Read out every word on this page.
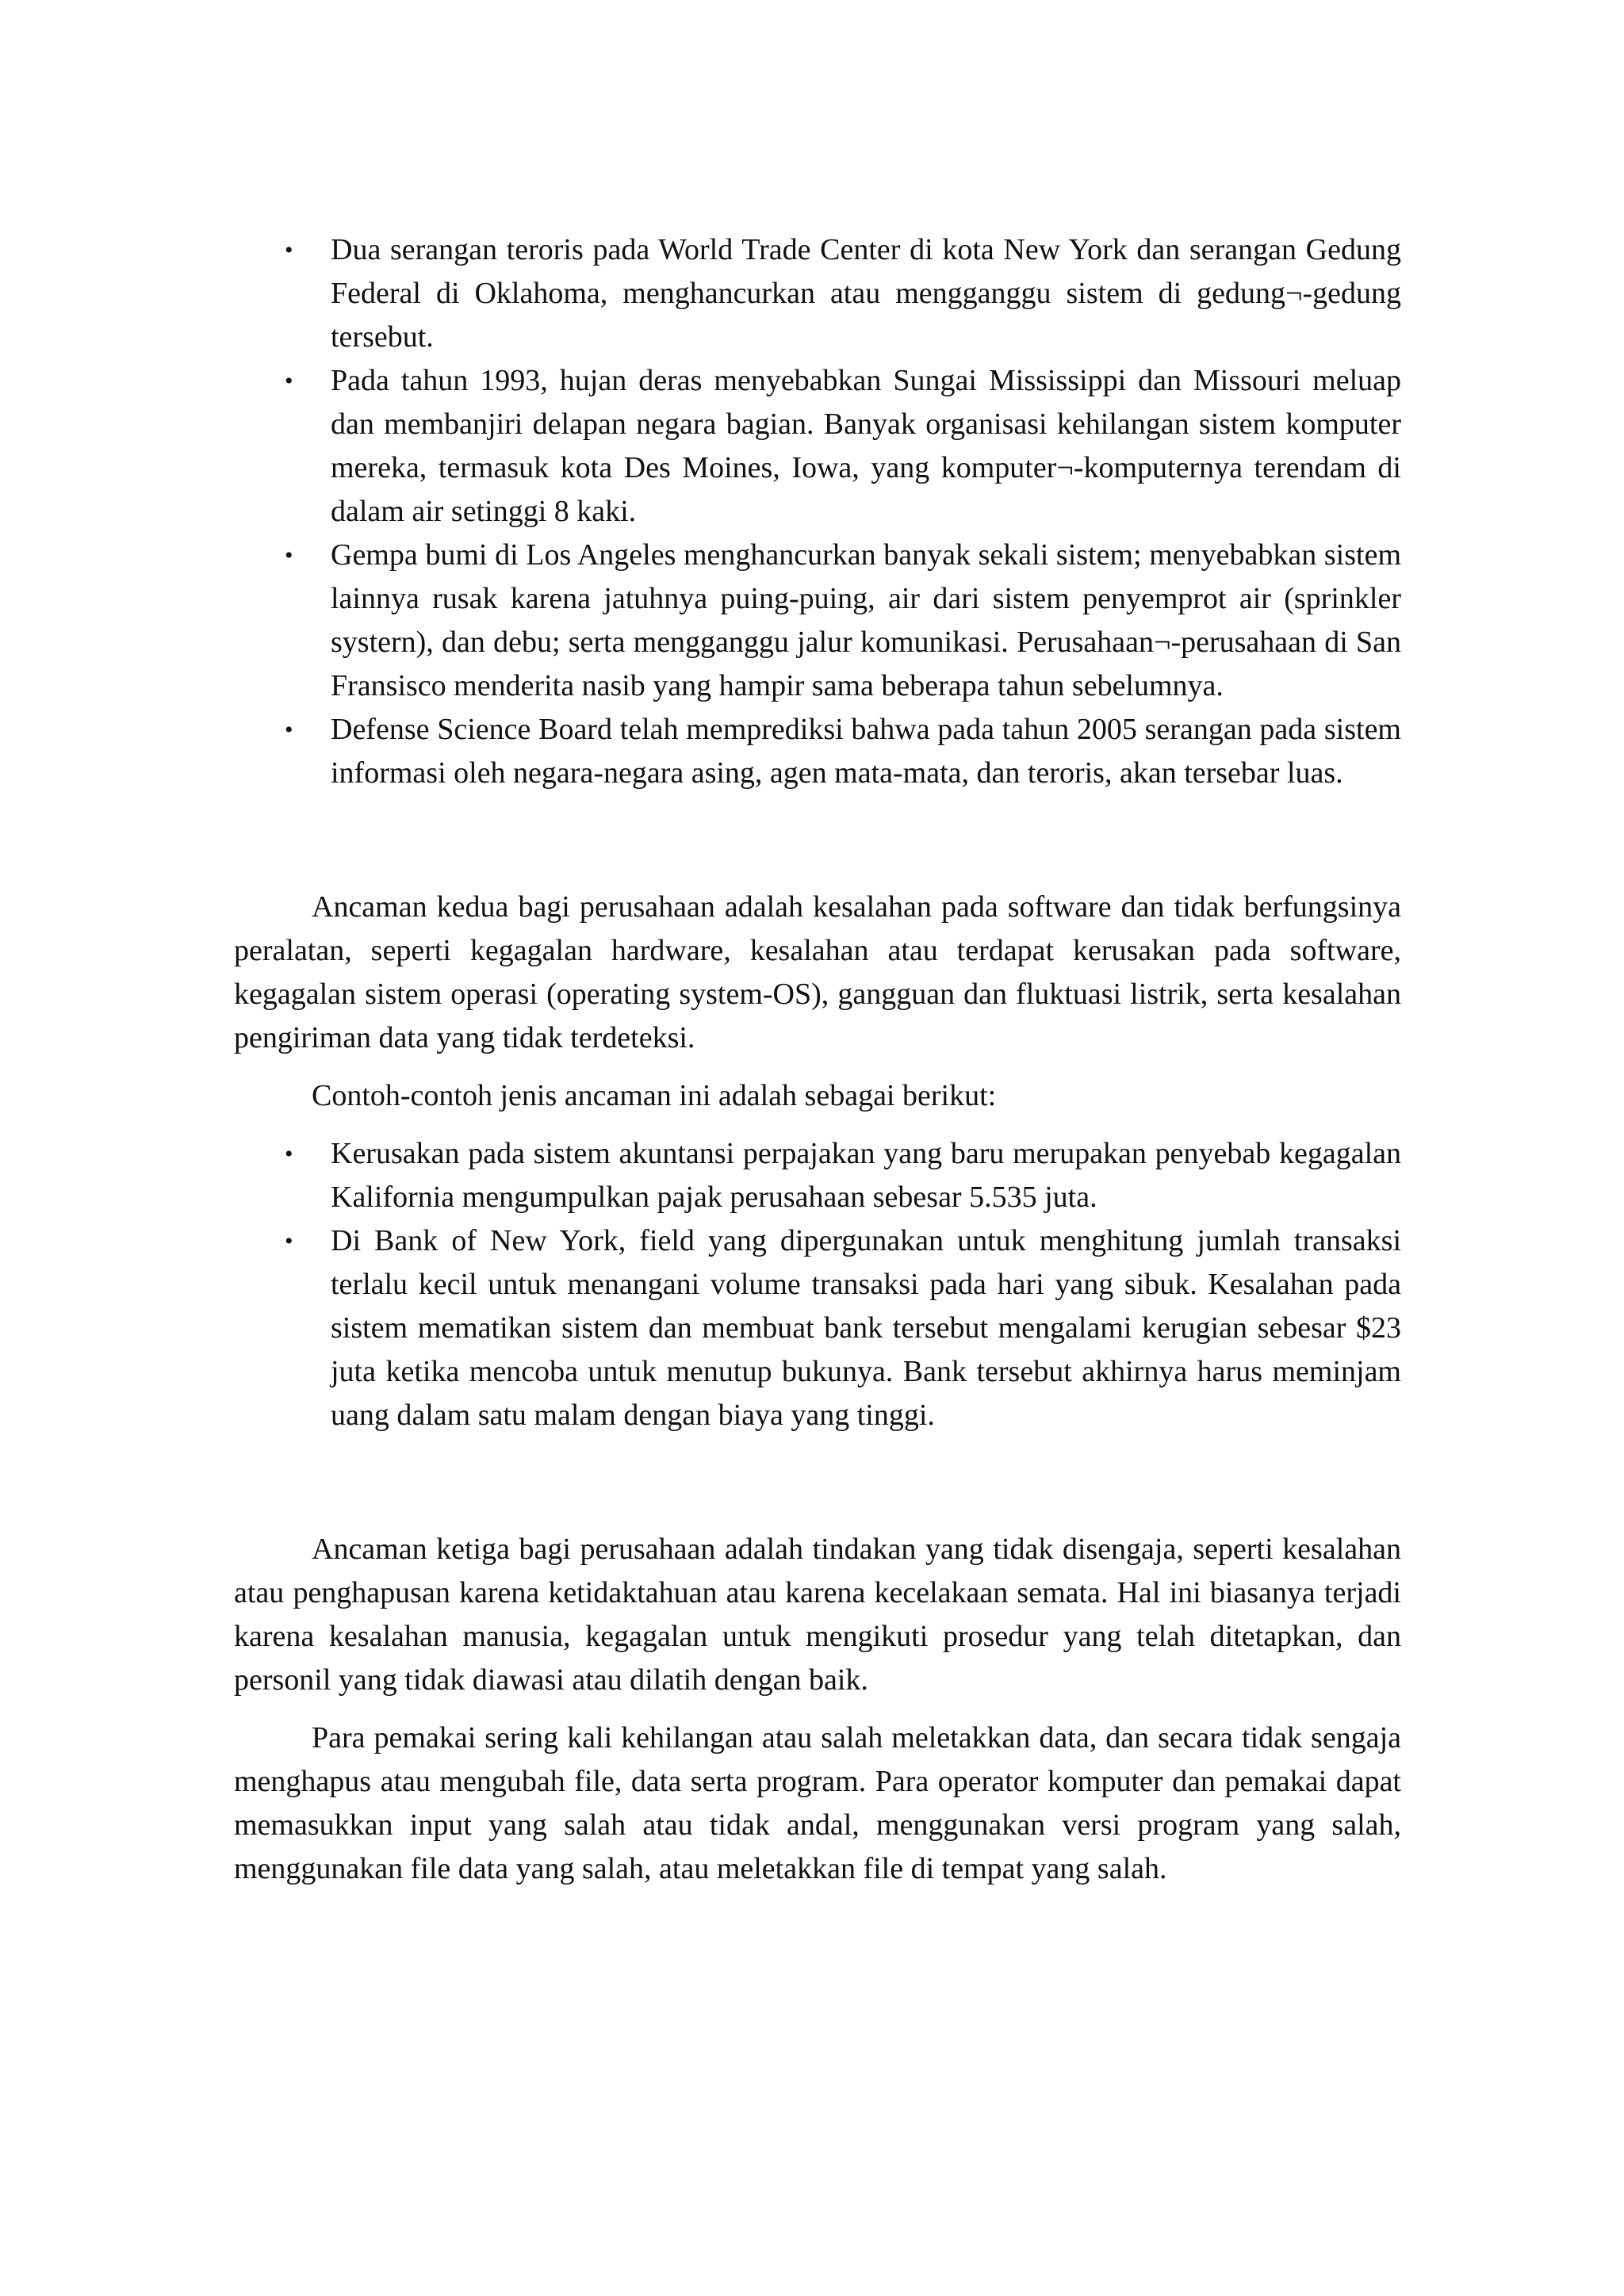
• Dua serangan teroris pada World Trade Center di kota New York dan serangan Gedung Federal di Oklahoma, menghancurkan atau mengganggu sistem di gedung¬-gedung tersebut.
• Pada tahun 1993, hujan deras menyebabkan Sungai Mississippi dan Missouri meluap dan membanjiri delapan negara bagian. Banyak organisasi kehilangan sistem komputer mereka, termasuk kota Des Moines, Iowa, yang komputer¬-komputernya terendam di dalam air setinggi 8 kaki.
• Gempa bumi di Los Angeles menghancurkan banyak sekali sistem; menyebabkan sistem lainnya rusak karena jatuhnya puing-puing, air dari sistem penyemprot air (sprinkler systern), dan debu; serta mengganggu jalur komunikasi. Perusahaan¬-perusahaan di San Fransisco menderita nasib yang hampir sama beberapa tahun sebelumnya.
• Defense Science Board telah memprediksi bahwa pada tahun 2005 serangan pada sistem informasi oleh negara-negara asing, agen mata-mata, dan teroris, akan tersebar luas.

Ancaman kedua bagi perusahaan adalah kesalahan pada software dan tidak berfungsinya peralatan, seperti kegagalan hardware, kesalahan atau terdapat kerusakan pada software, kegagalan sistem operasi (operating system-OS), gangguan dan fluktuasi listrik, serta kesalahan pengiriman data yang tidak terdeteksi.

Contoh-contoh jenis ancaman ini adalah sebagai berikut:

• Kerusakan pada sistem akuntansi perpajakan yang baru merupakan penyebab kegagalan Kalifornia mengumpulkan pajak perusahaan sebesar 5.535 juta.
• Di Bank of New York, field yang dipergunakan untuk menghitung jumlah transaksi terlalu kecil untuk menangani volume transaksi pada hari yang sibuk. Kesalahan pada sistem mematikan sistem dan membuat bank tersebut mengalami kerugian sebesar $23 juta ketika mencoba untuk menutup bukunya. Bank tersebut akhirnya harus meminjam uang dalam satu malam dengan biaya yang tinggi.

Ancaman ketiga bagi perusahaan adalah tindakan yang tidak disengaja, seperti kesalahan atau penghapusan karena ketidaktahuan atau karena kecelakaan semata. Hal ini biasanya terjadi karena kesalahan manusia, kegagalan untuk mengikuti prosedur yang telah ditetapkan, dan personil yang tidak diawasi atau dilatih dengan baik.

Para pemakai sering kali kehilangan atau salah meletakkan data, dan secara tidak sengaja menghapus atau mengubah file, data serta program. Para operator komputer dan pemakai dapat memasukkan input yang salah atau tidak andal, menggunakan versi program yang salah, menggunakan file data yang salah, atau meletakkan file di tempat yang salah.
